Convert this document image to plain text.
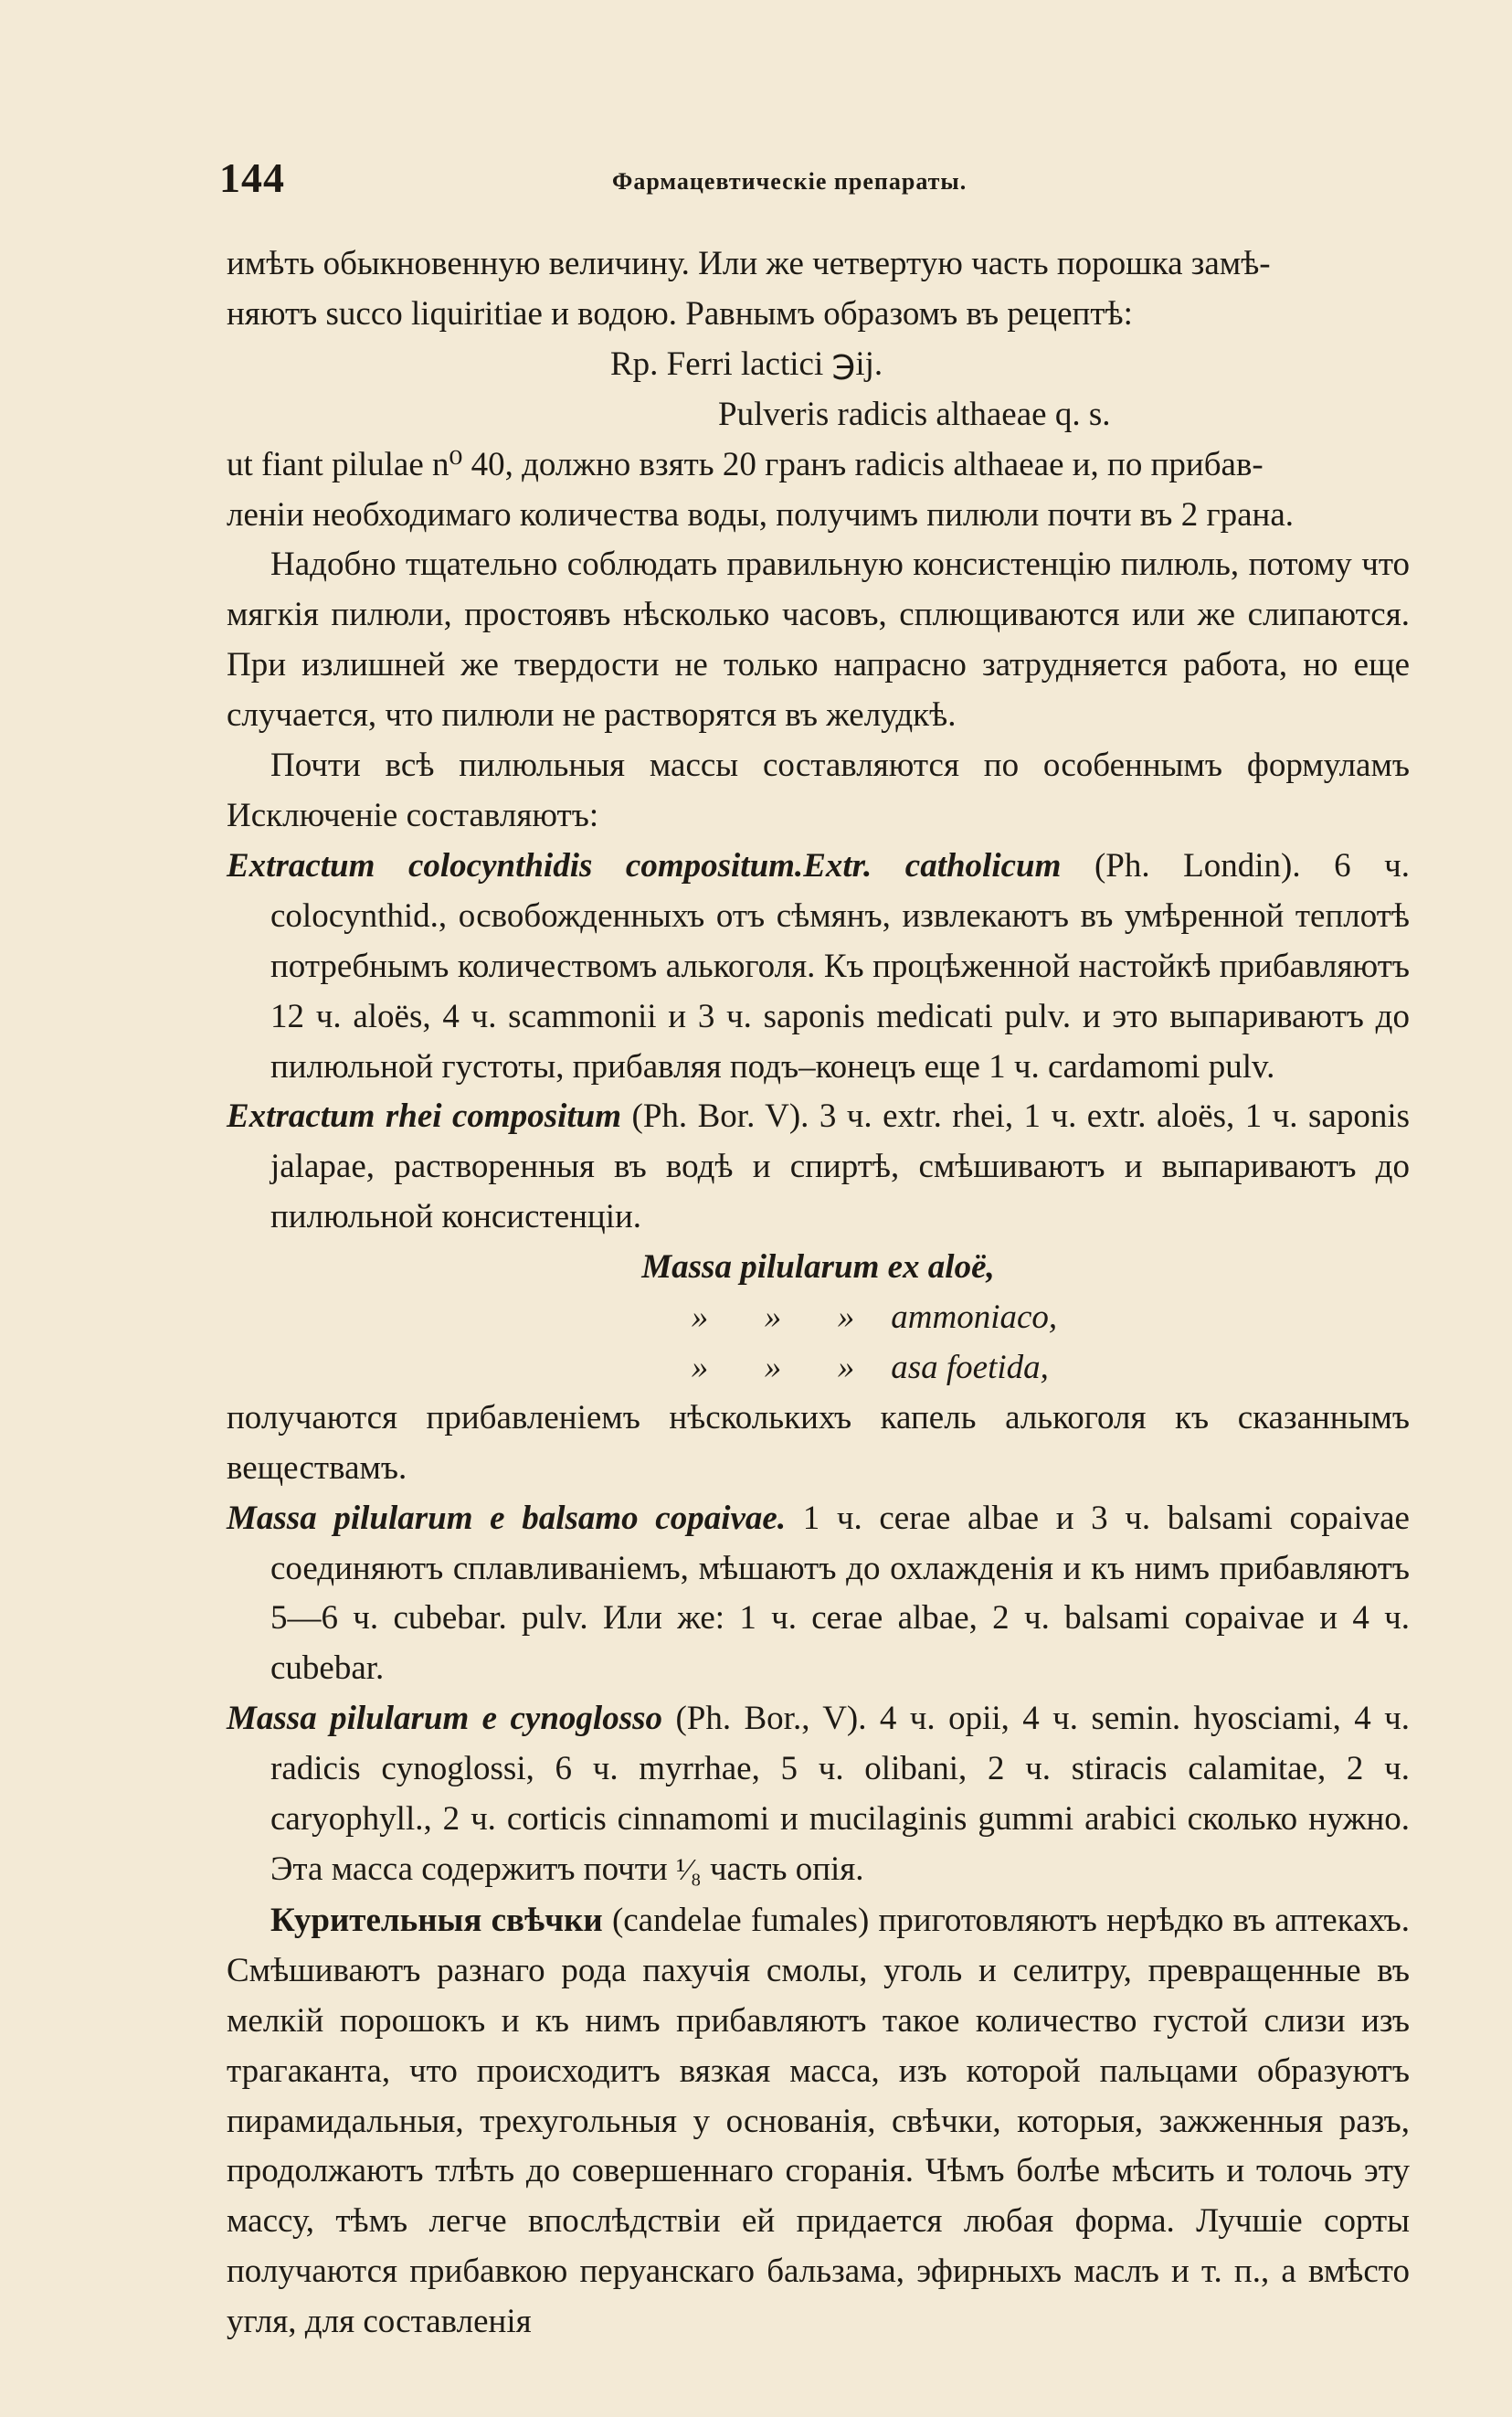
144	Фармацевтическiе препараты.

имѣть обыкновенную величину. Или же четвертую часть порошка замѣ-

няютъ succo liquiritiae и водою. Равнымъ образомъ въ рецептѣ:

Rp. Ferri lactici ℈ij.

Pulveris radicis althaeae q. s.

ut fiant pilulae n⁰ 40, должно взять 20 гранъ radicis althaeae и, по прибав-

ленiи необходимаго количества воды, получимъ пилюли почти въ 2 грана.

Надобно тщательно соблюдать правильную консистенцiю пилюль, потому что мягкiя пилюли, простоявъ нѣсколько часовъ, сплющиваются или же слипаются. При излишней же твердости не только напрасно затрудняется работа, но еще случается, что пилюли не растворятся въ желудкѣ.

Почти всѣ пилюльныя массы составляются по особеннымъ формуламъ Исключенiе составляютъ:

Extractum colocynthidis compositum.Extr. catholicum (Ph. Londin). 6 ч. colocynthid., освобожденныхъ отъ сѣмянъ, извлекаютъ въ умѣренной теплотѣ потребнымъ количествомъ алькоголя. Къ процѣженной настойкѣ прибавляютъ 12 ч. aloës, 4 ч. scammonii и 3 ч. saponis medicati pulv. и это выпариваютъ до пилюльной густоты, прибавляя подъ–конецъ еще 1 ч. cardamomi pulv.

Extractum rhei compositum (Ph. Bor. V). 3 ч. extr. rhei, 1 ч. extr. aloës, 1 ч. saponis jalapae, растворенныя въ водѣ и спиртѣ, смѣшиваютъ и выпариваютъ до пилюльной консистенцiи.

Massa pilularum ex aloë,

» » » ammoniaco,

» » » asa foetida,

получаются прибавленiемъ нѣсколькихъ капель алькоголя къ сказаннымъ веществамъ.

Massa pilularum e balsamo copaivae. 1 ч. cerae albae и 3 ч. balsami copaivae соединяютъ сплавливанiемъ, мѣшаютъ до охлажденiя и къ нимъ прибавляютъ 5—6 ч. cubebar. pulv. Или же: 1 ч. cerae albae, 2 ч. balsami copaivae и 4 ч. cubebar.

Massa pilularum e cynoglosso (Ph. Bor., V). 4 ч. opii, 4 ч. semin. hyosciami, 4 ч. radicis cynoglossi, 6 ч. myrrhae, 5 ч. olibani, 2 ч. stiracis calamitae, 2 ч. caryophyll., 2 ч. corticis cinnamomi и mucilaginis gummi arabici сколько нужно. Эта масса содержитъ почти ¹⁄₈ часть опiя.

Курительныя свѣчки (candelae fumales) приготовляютъ нерѣдко въ аптекахъ. Смѣшиваютъ разнаго рода пахучiя смолы, уголь и селитру, превращенные въ мелкiй порошокъ и къ нимъ прибавляютъ такое количество густой слизи изъ трагаканта, что происходитъ вязкая масса, изъ которой пальцами образуютъ пирамидальныя, трехугольныя у основанiя, свѣчки, которыя, зажженныя разъ, продолжаютъ тлѣть до совершеннаго сгоранiя. Чѣмъ болѣе мѣсить и толочь эту массу, тѣмъ легче впослѣдствiи ей придается любая форма. Лучшiе сорты получаются прибавкою перуанскаго бальзама, эфирныхъ маслъ и т. п., а вмѣсто угля, для составленiя
